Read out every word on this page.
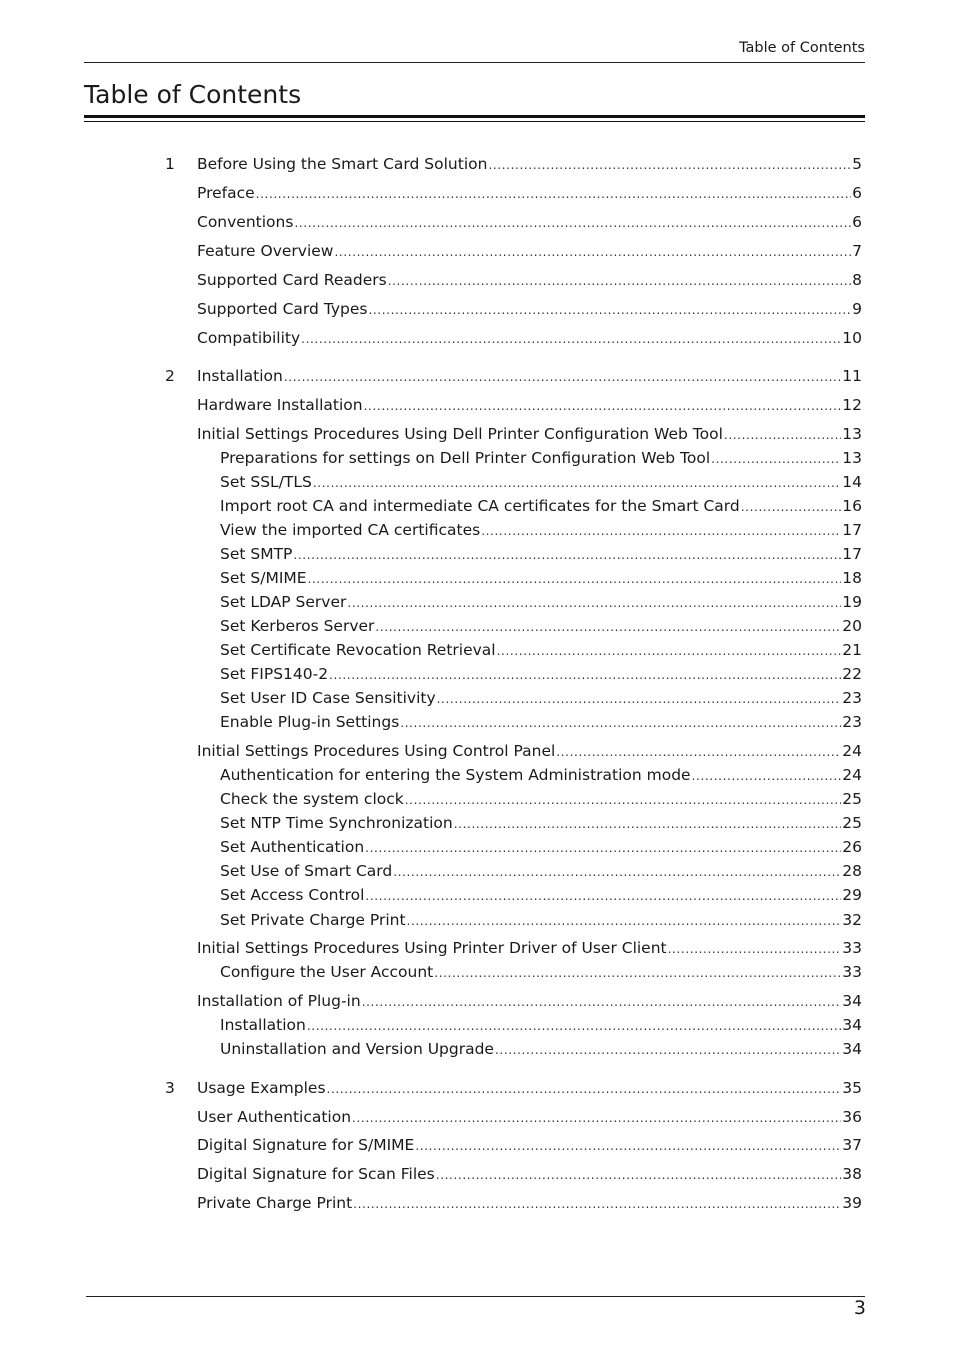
Table of Contents
Table of Contents
1 Before Using the Smart Card Solution . . .	5
Preface . . .	6
Conventions . . .	6
Feature Overview . . .	7
Supported Card Readers . . .	8
Supported Card Types . . .	9
Compatibility . . .	10
2 Installation . . .	11
Hardware Installation . . .	12
Initial Settings Procedures Using Dell Printer Configuration Web Tool . . .	13
Preparations for settings on Dell Printer Configuration Web Tool . . .	13
Set SSL/TLS . . .	14
Import root CA and intermediate CA certificates for the Smart Card . . .	16
View the imported CA certificates . . .	17
Set SMTP . . .	17
Set S/MIME . . .	18
Set LDAP Server . . .	19
Set Kerberos Server . . .	20
Set Certificate Revocation Retrieval . . .	21
Set FIPS140-2 . . .	22
Set User ID Case Sensitivity . . .	23
Enable Plug-in Settings . . .	23
Initial Settings Procedures Using Control Panel . . .	24
Authentication for entering the System Administration mode . . .	24
Check the system clock . . .	25
Set NTP Time Synchronization . . .	25
Set Authentication . . .	26
Set Use of Smart Card . . .	28
Set Access Control . . .	29
Set Private Charge Print . . .	32
Initial Settings Procedures Using Printer Driver of User Client . . .	33
Configure the User Account . . .	33
Installation of Plug-in . . .	34
Installation . . .	34
Uninstallation and Version Upgrade . . .	34
3 Usage Examples . . .	35
User Authentication . . .	36
Digital Signature for S/MIME . . .	37
Digital Signature for Scan Files . . .	38
Private Charge Print . . .	39
3
